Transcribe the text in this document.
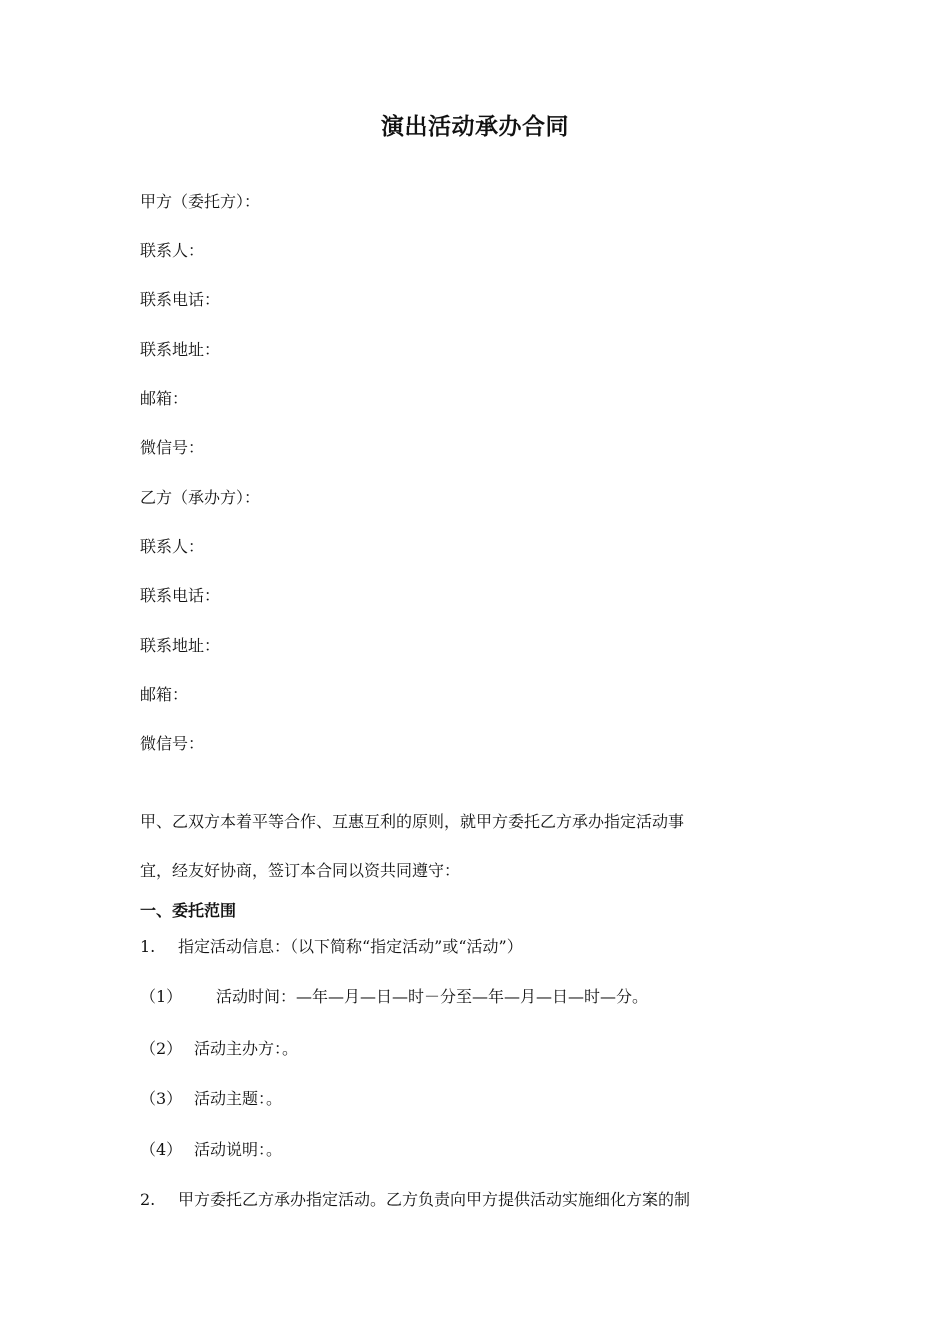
演出活动承办合同
甲方（委托方）：
联系人：
联系电话：
联系地址：
邮箱：
微信号：
乙方（承办方）：
联系人：
联系电话：
联系地址：
邮箱：
微信号：
甲、乙双方本着平等合作、互惠互利的原则，就甲方委托乙方承办指定活动事
宜，经友好协商，签订本合同以资共同遵守：
一、委托范围
1. 指定活动信息：（以下简称“指定活动”或“活动”）
（1） 活动时间：—年—月—日—时－分至—年—月—日—时—分。
（2） 活动主办方：。
（3） 活动主题：。
（4） 活动说明：。
2. 甲方委托乙方承办指定活动。乙方负责向甲方提供活动实施细化方案的制
